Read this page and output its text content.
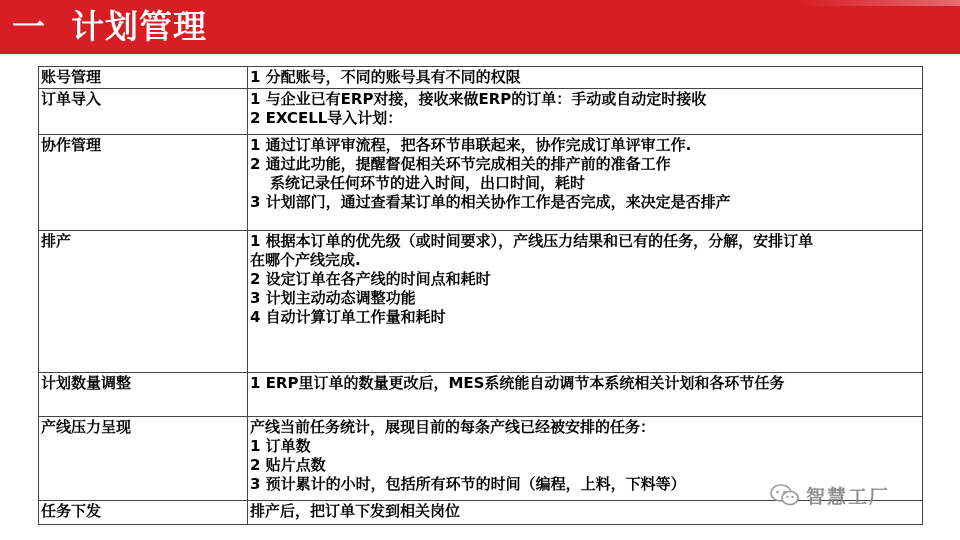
一  计划管理
账号管理	1 分配账号，不同的账号具有不同的权限

订单导入	1 与企业已有ERP对接，接收来做ERP的订单：手动或自动定时接收
2 EXCELL导入计划：

协作管理	1 通过订单评审流程，把各环节串联起来，协作完成订单评审工作.
2 通过此功能，提醒督促相关环节完成相关的排产前的准备工作
系统记录任何环节的进入时间，出口时间，耗时
3 计划部门，通过查看某订单的相关协作工作是否完成，来决定是否排产

排产	1 根据本订单的优先级（或时间要求），产线压力结果和已有的任务，分解，安排订单
在哪个产线完成.
2 设定订单在各产线的时间点和耗时
3 计划主动动态调整功能
4 自动计算订单工作量和耗时

计划数量调整	1 ERP里订单的数量更改后，MES系统能自动调节本系统相关计划和各环节任务

产线压力呈现	产线当前任务统计，展现目前的每条产线已经被安排的任务：
1 订单数
2 贴片点数
3 预计累计的小时，包括所有环节的时间（编程，上料，下料等）

任务下发	排产后，把订单下发到相关岗位
智慧工厂
